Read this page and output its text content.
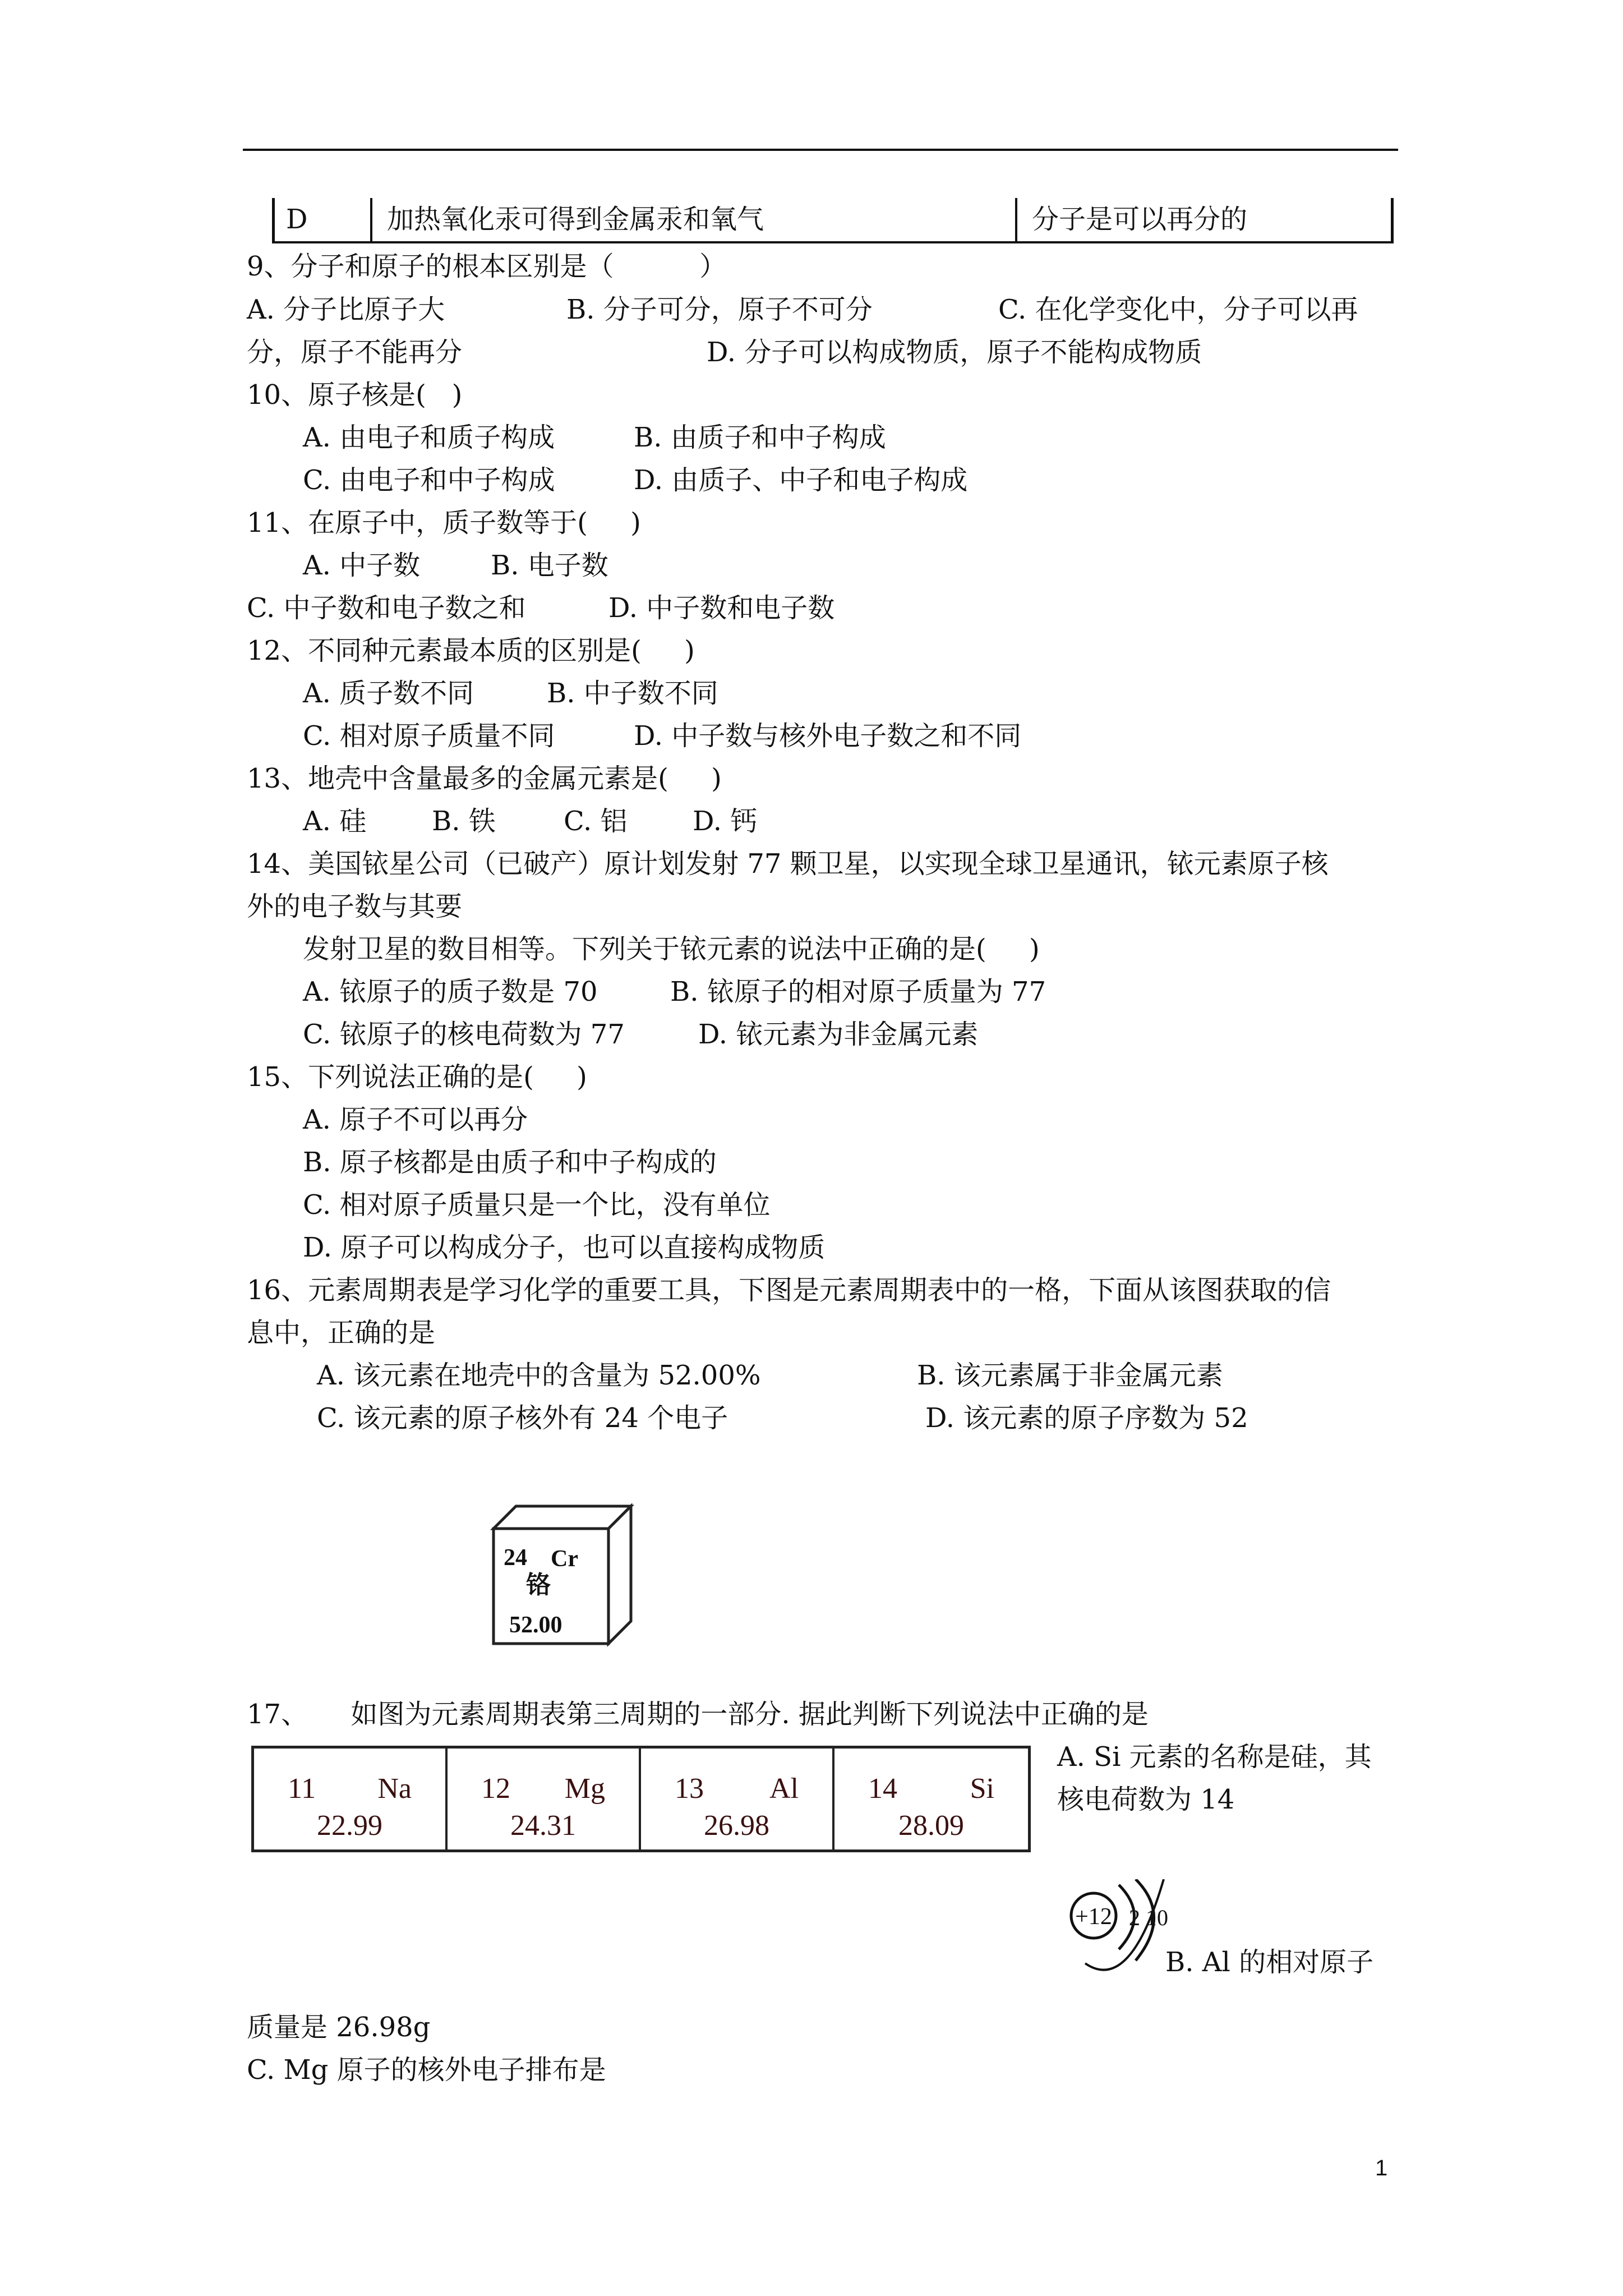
D	加热氧化汞可得到金属汞和氧气	分子是可以再分的
9、分子和原子的根本区别是（          ）
A. 分子比原子大	B. 分子可分，原子不可分	C. 在化学变化中，分子可以再
分，原子不能再分	D. 分子可以构成物质，原子不能构成物质
10、原子核是(   )
A. 由电子和质子构成	B. 由质子和中子构成
C. 由电子和中子构成	D. 由质子、中子和电子构成
11、在原子中，质子数等于(     )
A. 中子数	B. 电子数
C. 中子数和电子数之和	D. 中子数和电子数
12、不同种元素最本质的区别是(     )
A. 质子数不同	B. 中子数不同
C. 相对原子质量不同	D. 中子数与核外电子数之和不同
13、地壳中含量最多的金属元素是(     )
A. 硅 B. 铁	C. 铝 D. 钙
14、美国铱星公司（已破产）原计划发射 77 颗卫星，以实现全球卫星通讯，铱元素原子核
外的电子数与其要
发射卫星的数目相等。下列关于铱元素的说法中正确的是(     )
A. 铱原子的质子数是 70	B. 铱原子的相对原子质量为 77
C. 铱原子的核电荷数为 77	D. 铱元素为非金属元素
15、下列说法正确的是(     )
A. 原子不可以再分
B. 原子核都是由质子和中子构成的
C. 相对原子质量只是一个比，没有单位
D. 原子可以构成分子，也可以直接构成物质
16、元素周期表是学习化学的重要工具，下图是元素周期表中的一格，下面从该图获取的信
息中，正确的是
A. 该元素在地壳中的含量为 52.00%	B. 该元素属于非金属元素
C. 该元素的原子核外有 24 个电子	D. 该元素的原子序数为 52
17、     如图为元素周期表第三周期的一部分. 据此判断下列说法中正确的是
A. Si 元素的名称是硅，其
核电荷数为 14
B. Al 的相对原子
质量是 26.98g
C. Mg 原子的核外电子排布是
24 Cr
铬
52.00
11 Na
22.99
12 Mg
24.31
13 Al
26.98
14 Si
28.09
+12 2 10
1
